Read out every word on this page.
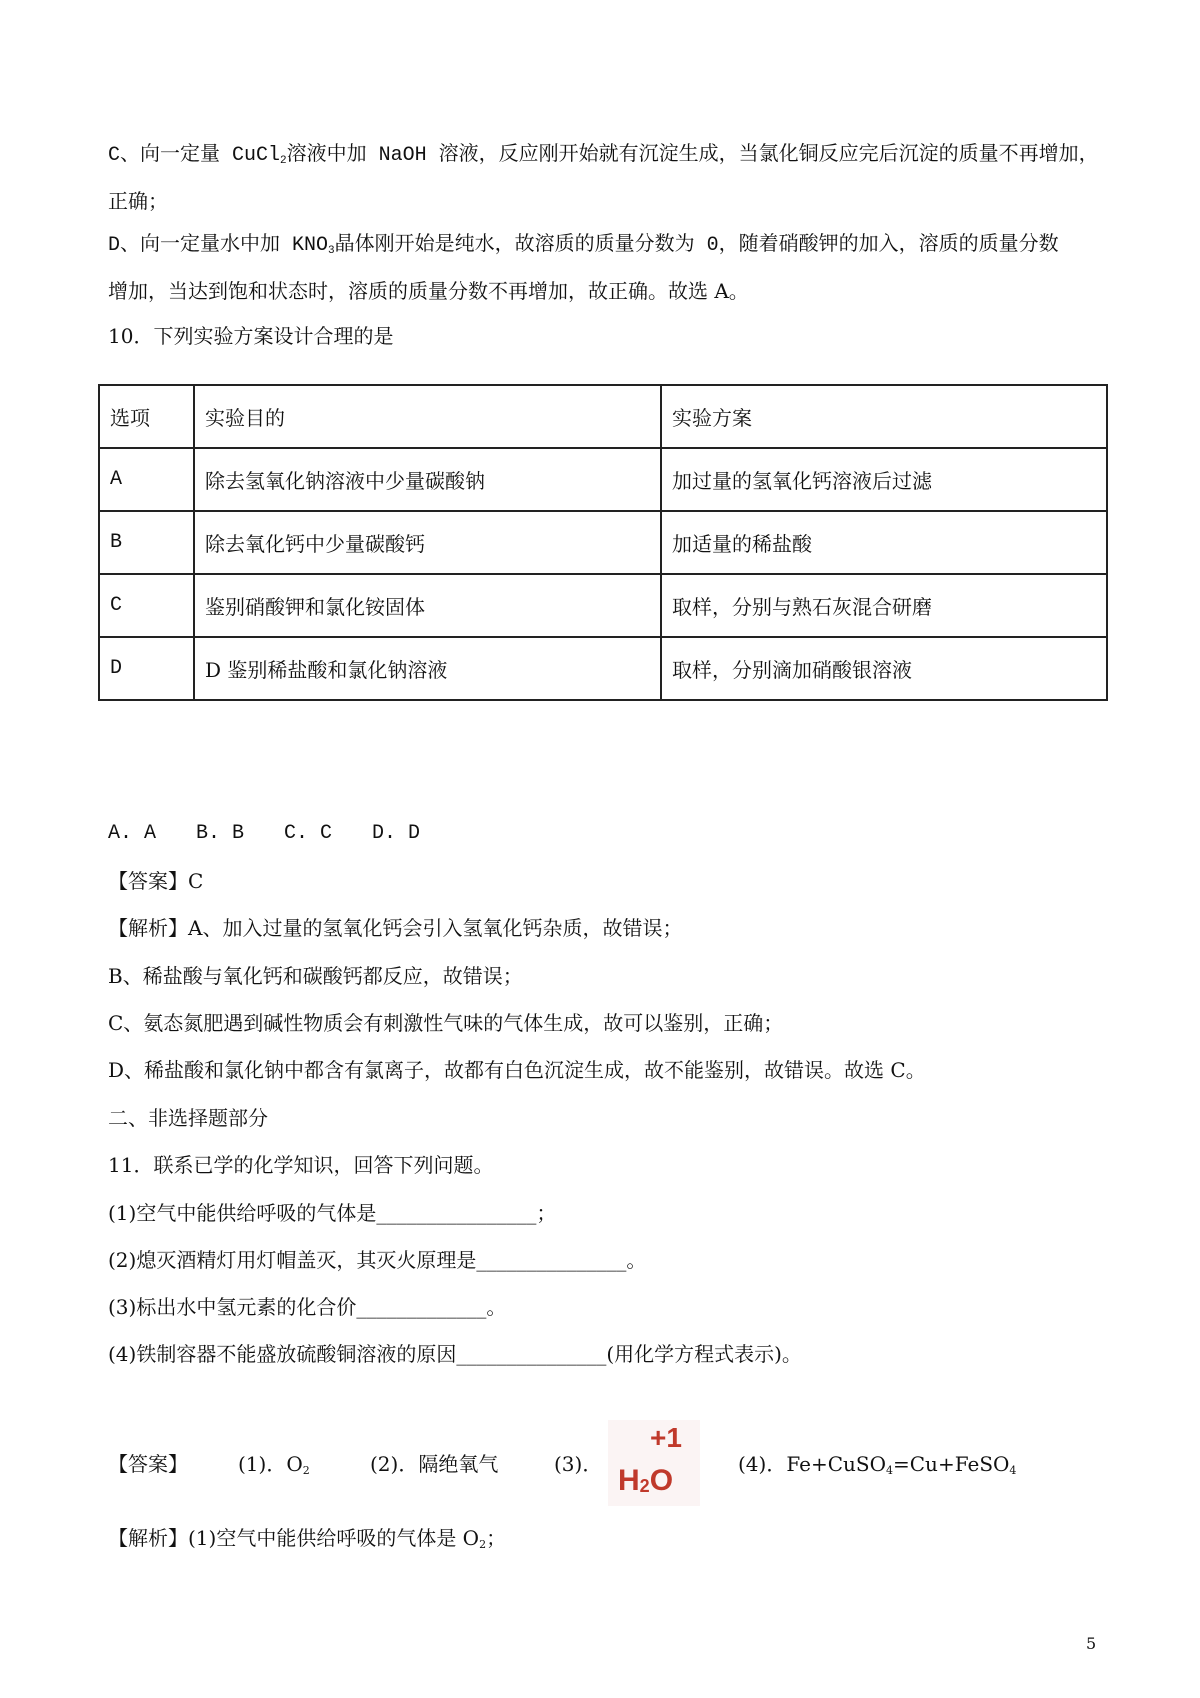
C、向一定量 CuCl$_2$溶液中加 NaOH 溶液，反应刚开始就有沉淀生成，当氯化铜反应完后沉淀的质量不再增加，
正确；
D、向一定量水中加 $KNO_3$晶体刚开始是纯水，故溶质的质量分数为 0，随着硝酸钾的加入，溶质的质量分数
增加，当达到饱和状态时，溶质的质量分数不再增加，故正确。故选 A。
10．下列实验方案设计合理的是
选项	实验目的	实验方案
A	除去氢氧化钠溶液中少量碳酸钠	加过量的氢氧化钙溶液后过滤
B	除去氧化钙中少量碳酸钙	加适量的稀盐酸
C	鉴别硝酸钾和氯化铵固体	取样，分别与熟石灰混合研磨
D	D 鉴别稀盐酸和氯化钠溶液	取样，分别滴加硝酸银溶液
A. A　　B. B　　C. C　　D. D
【答案】C
【解析】A、加入过量的氢氧化钙会引入氢氧化钙杂质，故错误；
B、稀盐酸与氧化钙和碳酸钙都反应，故错误；
C、氨态氮肥遇到碱性物质会有刺激性气味的气体生成，故可以鉴别，正确；
D、稀盐酸和氯化钠中都含有氯离子，故都有白色沉淀生成，故不能鉴别，故错误。故选 C。
二、非选择题部分
11．联系已学的化学知识，回答下列问题。
(1)空气中能供给呼吸的气体是________________；
(2)熄灭酒精灯用灯帽盖灭，其灭火原理是_______________。
(3)标出水中氢元素的化合价_____________。
(4)铁制容器不能盛放硫酸铜溶液的原因_______________(用化学方程式表示)。
【答案】	(1)．$O_2$	(2)．隔绝氧气	(3)．
+1
$H_2O$	(4)．Fe+CuSO$_4$=Cu+FeSO$_4$
【解析】(1)空气中能供给呼吸的气体是 $O_2$；
5
